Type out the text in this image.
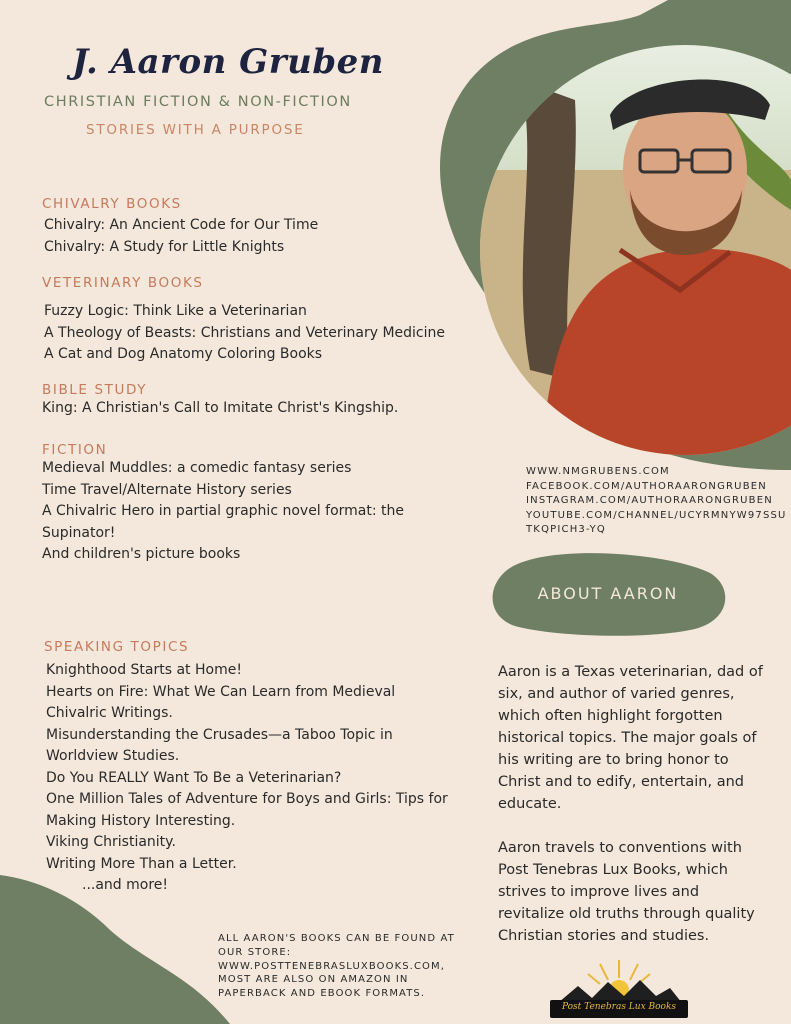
J. Aaron Gruben
CHRISTIAN FICTION & NON-FICTION
STORIES WITH A PURPOSE

CHIVALRY BOOKS

Chivalry: An Ancient Code for Our Time

Chivalry: A Study for Little Knights

VETERINARY BOOKS

Fuzzy Logic: Think Like a Veterinarian

A Theology of Beasts: Christians and Veterinary Medicine

A Cat and Dog Anatomy Coloring Books

BIBLE STUDY

King: A Christian's Call to Imitate Christ's Kingship.

FICTION

Medieval Muddles: a comedic fantasy series

Time Travel/Alternate History series

A Chivalric Hero in partial graphic novel format: the

Supinator!

And children's picture books

SPEAKING TOPICS

Knighthood Starts at Home!

Hearts on Fire: What We Can Learn from Medieval

Chivalric Writings.

Misunderstanding the Crusades—a Taboo Topic in

Worldview Studies.

Do You REALLY Want To Be a Veterinarian?

One Million Tales of Adventure for Boys and Girls: Tips for

Making History Interesting.

Viking Christianity.

Writing More Than a Letter.

...and more!

WWW.NMGRUBENS.COM
FACEBOOK.COM/AUTHORAARONGRUBEN
INSTAGRAM.COM/AUTHORAARONGRUBEN
YOUTUBE.COM/CHANNEL/UCYRMNYW97SSU
TKQPICH3-YQ
ABOUT AARON

Aaron is a Texas veterinarian, dad of six, and author of varied genres, which often highlight forgotten historical topics. The major goals of his writing are to bring honor to Christ and to edify, entertain, and educate.

Aaron travels to conventions with Post Tenebras Lux Books, which strives to improve lives and revitalize old truths through quality Christian stories and studies.

ALL AARON'S BOOKS CAN BE FOUND AT OUR STORE: WWW.POSTTENEBRASLUXBOOKS.COM, MOST ARE ALSO ON AMAZON IN PAPERBACK AND EBOOK FORMATS.
Post Tenebras Lux Books
